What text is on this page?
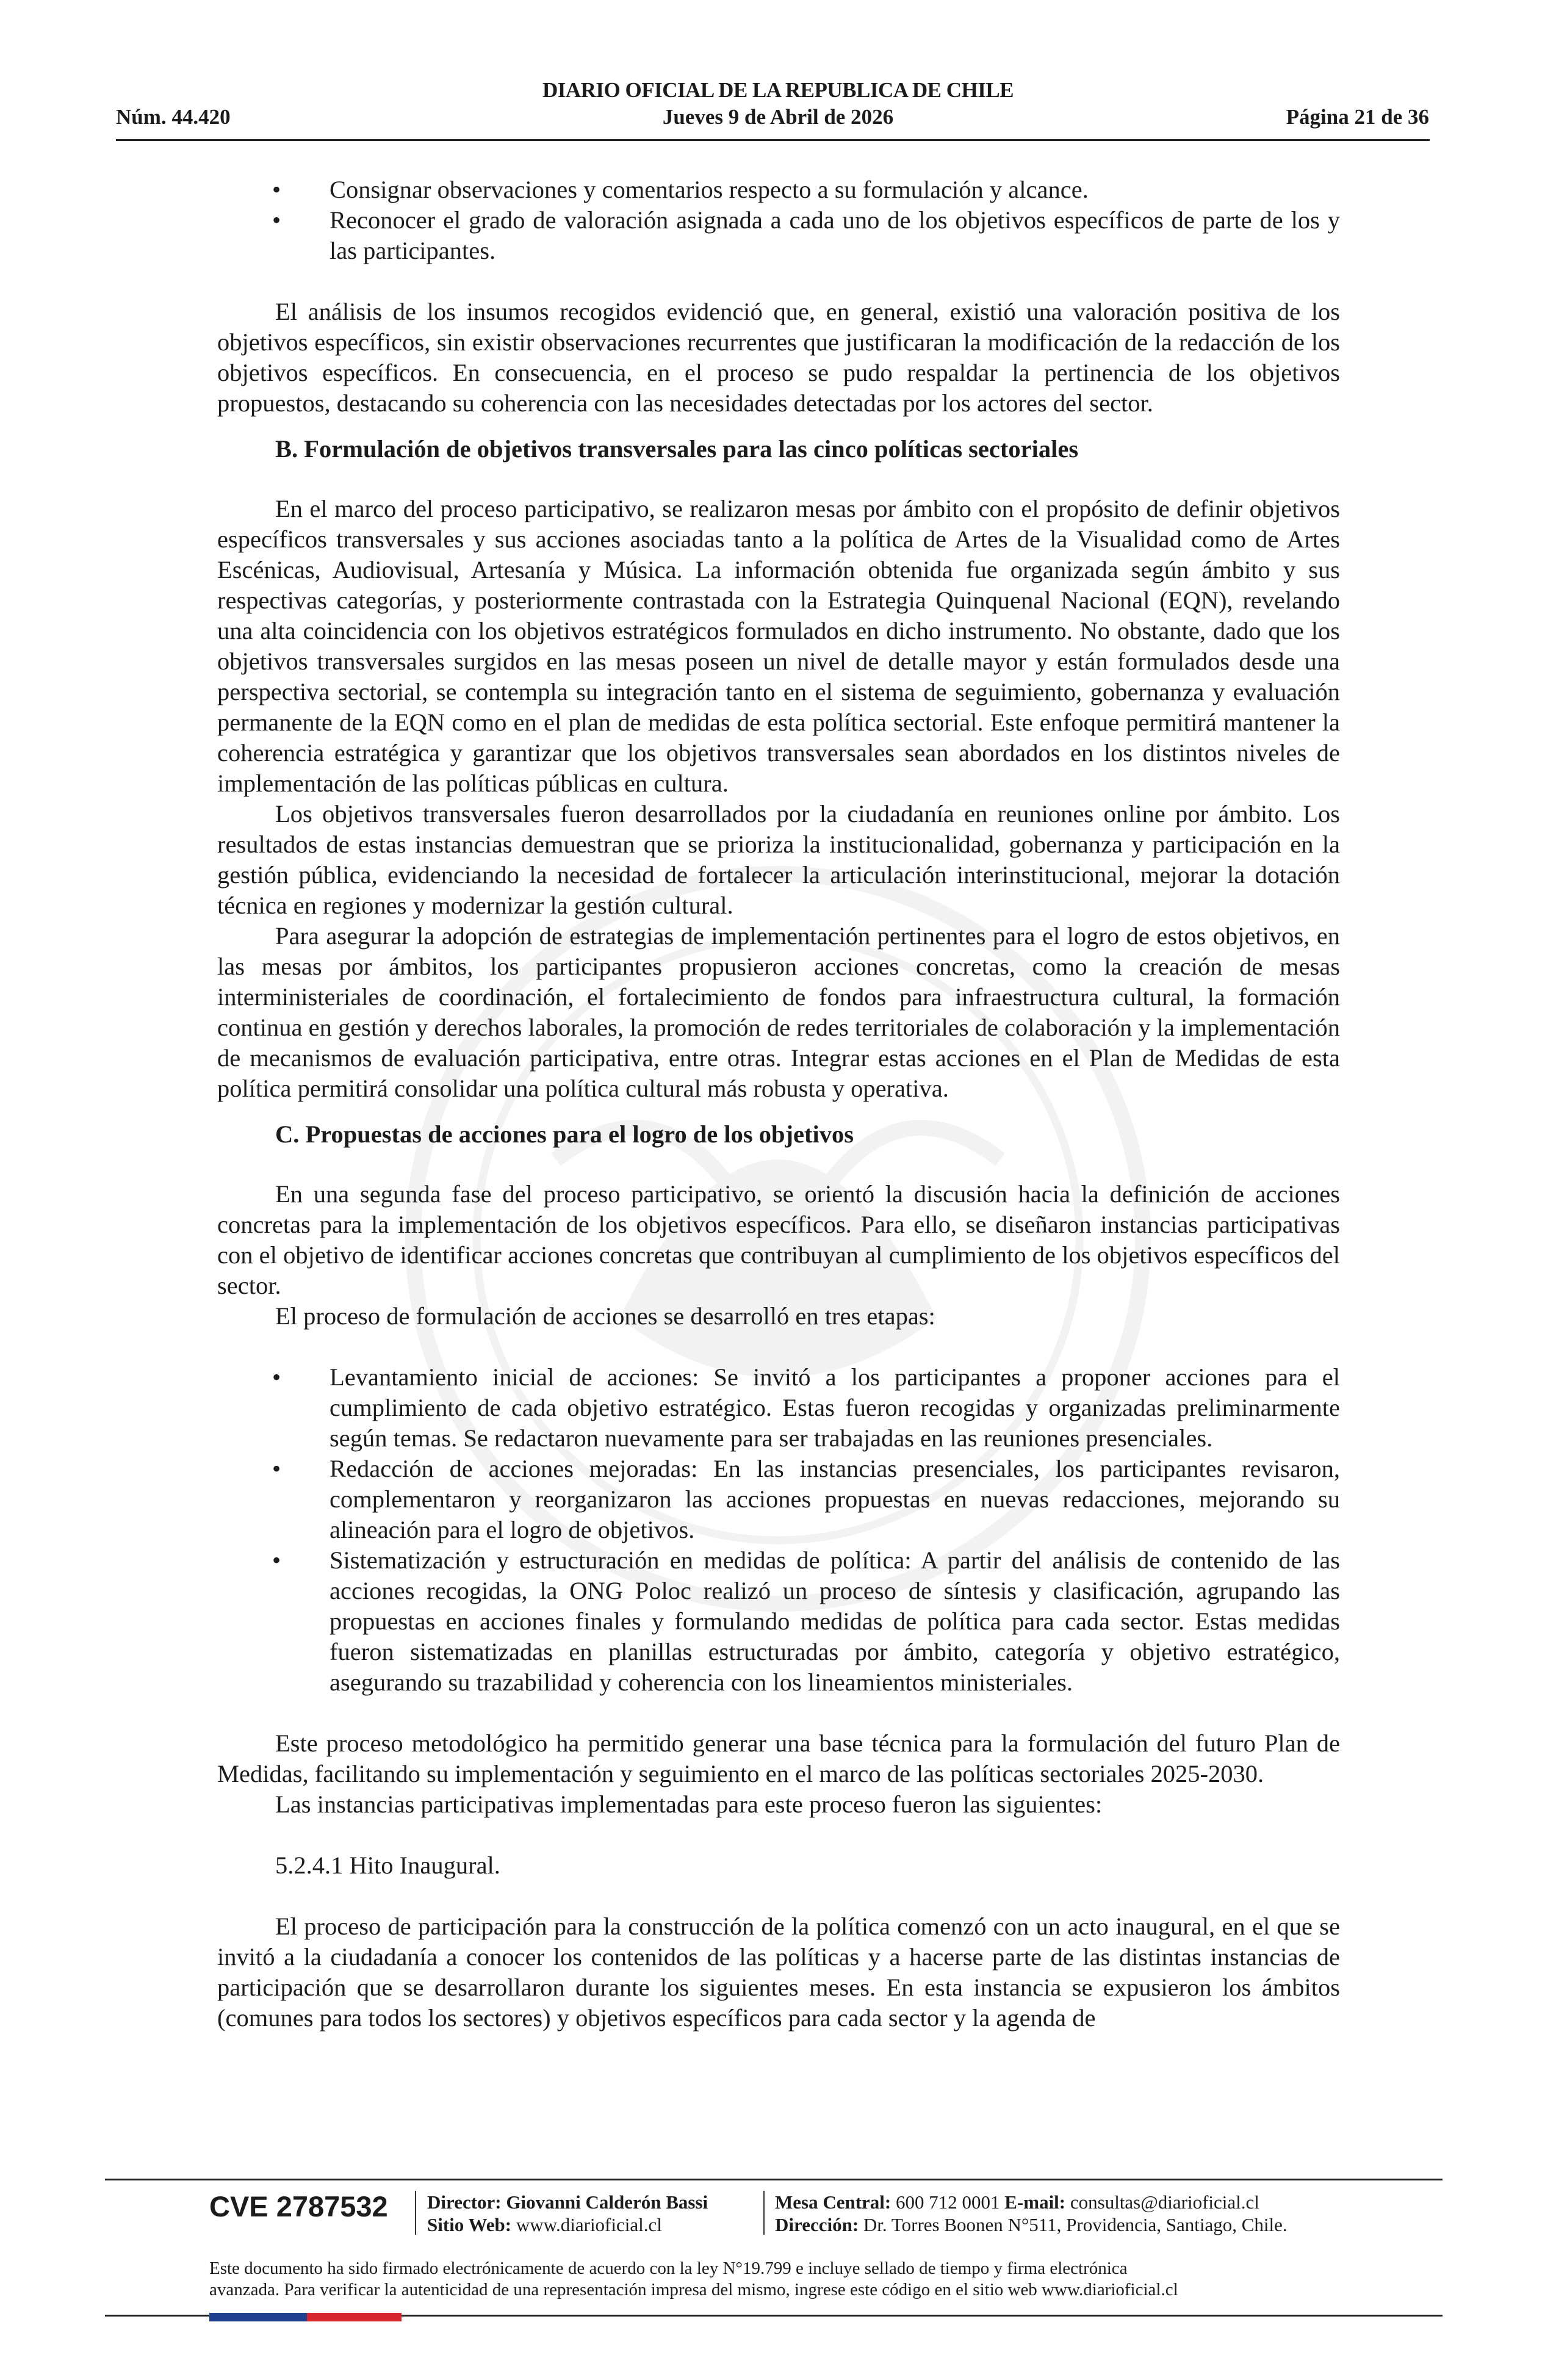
DIARIO OFICIAL DE LA REPUBLICA DE CHILE
Núm. 44.420	Jueves 9 de Abril de 2026	Página 21 de 36
• Consignar observaciones y comentarios respecto a su formulación y alcance.
• Reconocer el grado de valoración asignada a cada uno de los objetivos específicos de parte de los y las participantes.

El análisis de los insumos recogidos evidenció que, en general, existió una valoración positiva de los objetivos específicos, sin existir observaciones recurrentes que justificaran la modificación de la redacción de los objetivos específicos. En consecuencia, en el proceso se pudo respaldar la pertinencia de los objetivos propuestos, destacando su coherencia con las necesidades detectadas por los actores del sector.

B. Formulación de objetivos transversales para las cinco políticas sectoriales

En el marco del proceso participativo, se realizaron mesas por ámbito con el propósito de definir objetivos específicos transversales y sus acciones asociadas tanto a la política de Artes de la Visualidad como de Artes Escénicas, Audiovisual, Artesanía y Música. La información obtenida fue organizada según ámbito y sus respectivas categorías, y posteriormente contrastada con la Estrategia Quinquenal Nacional (EQN), revelando una alta coincidencia con los objetivos estratégicos formulados en dicho instrumento. No obstante, dado que los objetivos transversales surgidos en las mesas poseen un nivel de detalle mayor y están formulados desde una perspectiva sectorial, se contempla su integración tanto en el sistema de seguimiento, gobernanza y evaluación permanente de la EQN como en el plan de medidas de esta política sectorial. Este enfoque permitirá mantener la coherencia estratégica y garantizar que los objetivos transversales sean abordados en los distintos niveles de implementación de las políticas públicas en cultura.

Los objetivos transversales fueron desarrollados por la ciudadanía en reuniones online por ámbito. Los resultados de estas instancias demuestran que se prioriza la institucionalidad, gobernanza y participación en la gestión pública, evidenciando la necesidad de fortalecer la articulación interinstitucional, mejorar la dotación técnica en regiones y modernizar la gestión cultural.

Para asegurar la adopción de estrategias de implementación pertinentes para el logro de estos objetivos, en las mesas por ámbitos, los participantes propusieron acciones concretas, como la creación de mesas interministeriales de coordinación, el fortalecimiento de fondos para infraestructura cultural, la formación continua en gestión y derechos laborales, la promoción de redes territoriales de colaboración y la implementación de mecanismos de evaluación participativa, entre otras. Integrar estas acciones en el Plan de Medidas de esta política permitirá consolidar una política cultural más robusta y operativa.

C. Propuestas de acciones para el logro de los objetivos

En una segunda fase del proceso participativo, se orientó la discusión hacia la definición de acciones concretas para la implementación de los objetivos específicos. Para ello, se diseñaron instancias participativas con el objetivo de identificar acciones concretas que contribuyan al cumplimiento de los objetivos específicos del sector.

El proceso de formulación de acciones se desarrolló en tres etapas:

• Levantamiento inicial de acciones: Se invitó a los participantes a proponer acciones para el cumplimiento de cada objetivo estratégico. Estas fueron recogidas y organizadas preliminarmente según temas. Se redactaron nuevamente para ser trabajadas en las reuniones presenciales.
• Redacción de acciones mejoradas: En las instancias presenciales, los participantes revisaron, complementaron y reorganizaron las acciones propuestas en nuevas redacciones, mejorando su alineación para el logro de objetivos.
• Sistematización y estructuración en medidas de política: A partir del análisis de contenido de las acciones recogidas, la ONG Poloc realizó un proceso de síntesis y clasificación, agrupando las propuestas en acciones finales y formulando medidas de política para cada sector. Estas medidas fueron sistematizadas en planillas estructuradas por ámbito, categoría y objetivo estratégico, asegurando su trazabilidad y coherencia con los lineamientos ministeriales.

Este proceso metodológico ha permitido generar una base técnica para la formulación del futuro Plan de Medidas, facilitando su implementación y seguimiento en el marco de las políticas sectoriales 2025-2030.

Las instancias participativas implementadas para este proceso fueron las siguientes:

5.2.4.1 Hito Inaugural.

El proceso de participación para la construcción de la política comenzó con un acto inaugural, en el que se invitó a la ciudadanía a conocer los contenidos de las políticas y a hacerse parte de las distintas instancias de participación que se desarrollaron durante los siguientes meses. En esta instancia se expusieron los ámbitos (comunes para todos los sectores) y objetivos específicos para cada sector y la agenda de

CVE 2787532 Director: Giovanni Calderón Bassi
Sitio Web: www.diarioficial.cl
Mesa Central: 600 712 0001 E-mail: consultas@diarioficial.cl
Dirección: Dr. Torres Boonen N°511, Providencia, Santiago, Chile.
Este documento ha sido firmado electrónicamente de acuerdo con la ley N°19.799 e incluye sellado de tiempo y firma electrónica
avanzada. Para verificar la autenticidad de una representación impresa del mismo, ingrese este código en el sitio web www.diarioficial.cl
